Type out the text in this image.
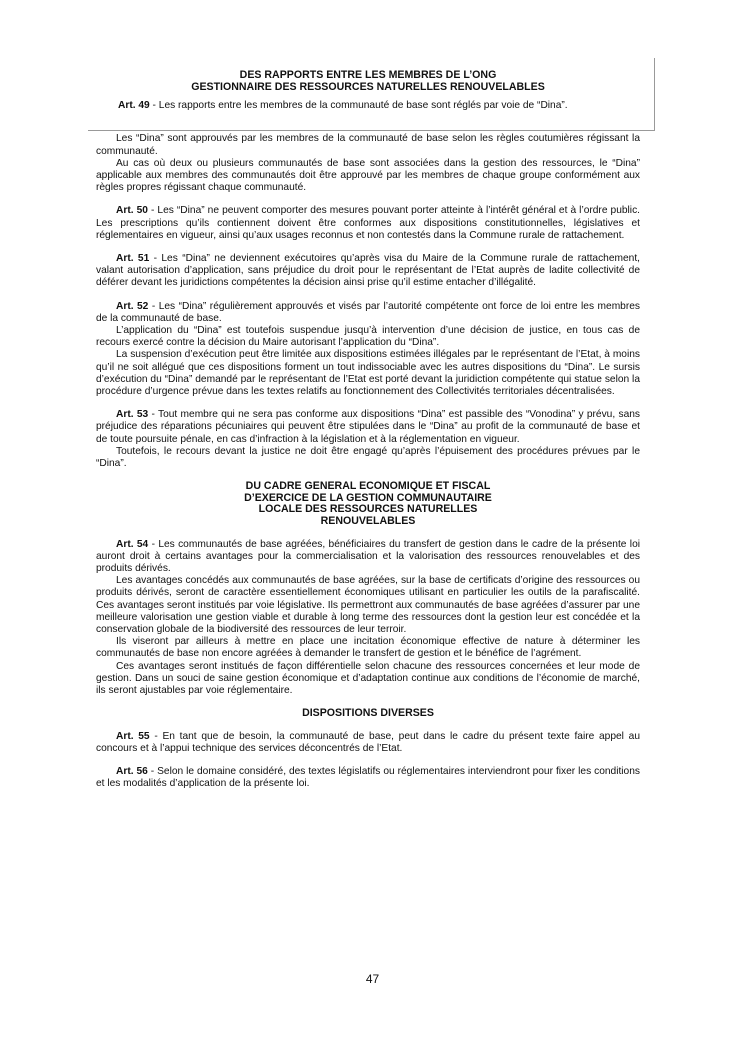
DES RAPPORTS ENTRE LES MEMBRES DE L’ONG
GESTIONNAIRE DES RESSOURCES NATURELLES RENOUVELABLES

Art. 49 - Les rapports entre les membres de la communauté de base sont réglés par voie de “Dina”.

Les “Dina” sont approuvés par les membres de la communauté de base selon les règles coutumières régissant la communauté.

Au cas où deux ou plusieurs communautés de base sont associées dans la gestion des ressources, le “Dina” applicable aux membres des communautés doit être approuvé par les membres de chaque groupe conformément aux règles propres régissant chaque communauté.

Art. 50 - Les “Dina” ne peuvent comporter des mesures pouvant porter atteinte à l’intérêt général et à l’ordre public. Les prescriptions qu’ils contiennent doivent être conformes aux dispositions constitutionnelles, législatives et réglementaires en vigueur, ainsi qu’aux usages reconnus et non contestés dans la Commune rurale de rattachement.

Art. 51 - Les “Dina” ne deviennent exécutoires qu’après visa du Maire de la Commune rurale de rattachement, valant autorisation d’application, sans préjudice du droit pour le représentant de l’Etat auprès de ladite collectivité de déférer devant les juridictions compétentes la décision ainsi prise qu’il estime entacher d’illégalité.

Art. 52 - Les “Dina” régulièrement approuvés et visés par l’autorité compétente ont force de loi entre les membres de la communauté de base.

L’application du “Dina” est toutefois suspendue jusqu’à intervention d’une décision de justice, en tous cas de recours exercé contre la décision du Maire autorisant l’application du “Dina”.

La suspension d’exécution peut être limitée aux dispositions estimées illégales par le représentant de l’Etat, à moins qu’il ne soit allégué que ces dispositions forment un tout indissociable avec les autres dispositions du “Dina”. Le sursis d’exécution du “Dina” demandé par le représentant de l’Etat est porté devant la juridiction compétente qui statue selon la procédure d’urgence prévue dans les textes relatifs au fonctionnement des Collectivités territoriales décentralisées.

Art. 53 - Tout membre qui ne sera pas conforme aux dispositions “Dina” est passible des “Vonodina” y prévu, sans préjudice des réparations pécuniaires qui peuvent être stipulées dans le “Dina” au profit de la communauté de base et de toute poursuite pénale, en cas d’infraction à la législation et à la réglementation en vigueur.

Toutefois, le recours devant la justice ne doit être engagé qu’après l’épuisement des procédures prévues par le “Dina”.

DU CADRE GENERAL ECONOMIQUE ET FISCAL
D’EXERCICE DE LA GESTION COMMUNAUTAIRE
LOCALE DES RESSOURCES NATURELLES
RENOUVELABLES

Art. 54 - Les communautés de base agréées, bénéficiaires du transfert de gestion dans le cadre de la présente loi auront droit à certains avantages pour la commercialisation et la valorisation des ressources renouvelables et des produits dérivés.

Les avantages concédés aux communautés de base agréées, sur la base de certificats d’origine des ressources ou produits dérivés, seront de caractère essentiellement économiques utilisant en particulier les outils de la parafiscalité. Ces avantages seront institués par voie législative. Ils permettront aux communautés de base agréées d’assurer par une meilleure valorisation une gestion viable et durable à long terme des ressources dont la gestion leur est concédée et la conservation globale de la biodiversité des ressources de leur terroir.

Ils viseront par ailleurs à mettre en place une incitation économique effective de nature à déterminer les communautés de base non encore agréées à demander le transfert de gestion et le bénéfice de l’agrément.

Ces avantages seront institués de façon différentielle selon chacune des ressources concernées et leur mode de gestion. Dans un souci de saine gestion économique et d’adaptation continue aux conditions de l’économie de marché, ils seront ajustables par voie réglementaire.

DISPOSITIONS DIVERSES

Art. 55 - En tant que de besoin, la communauté de base, peut dans le cadre du présent texte faire appel au concours et à l’appui technique des services déconcentrés de l’Etat.

Art. 56 - Selon le domaine considéré, des textes législatifs ou réglementaires interviendront pour fixer les conditions et les modalités d’application de la présente loi.

47
